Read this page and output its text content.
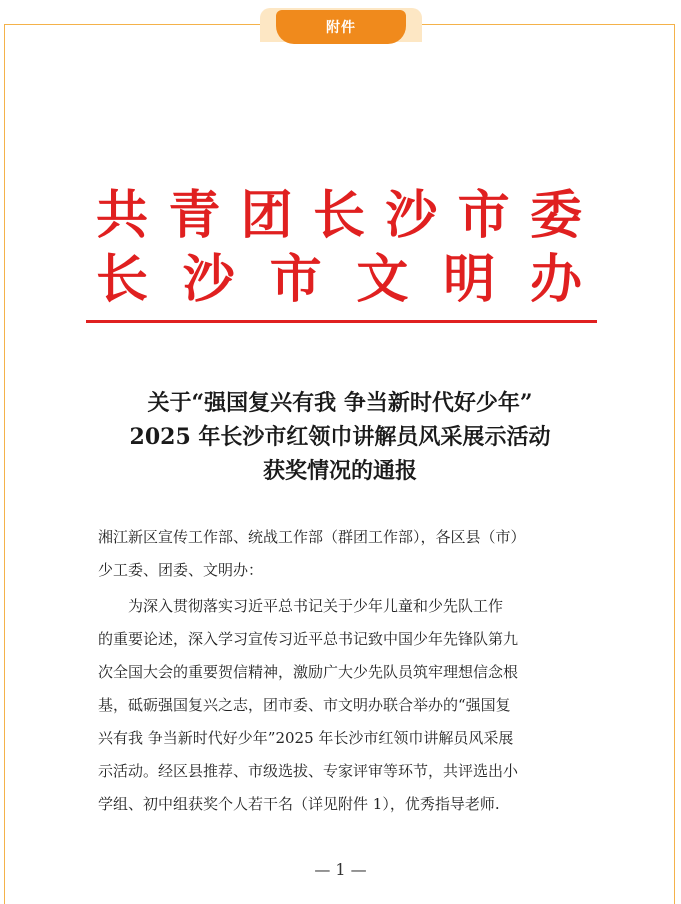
附件
共 青 团 长 沙 市 委
长 沙 市 文 明 办
关于“强国复兴有我 争当新时代好少年”
2025 年长沙市红领巾讲解员风采展示活动
获奖情况的通报
湘江新区宣传工作部、统战工作部（群团工作部），各区县（市）
少工委、团委、文明办：
　　为深入贯彻落实习近平总书记关于少年儿童和少先队工作
的重要论述，深入学习宣传习近平总书记致中国少年先锋队第九
次全国大会的重要贺信精神，激励广大少先队员筑牢理想信念根
基，砥砺强国复兴之志，团市委、市文明办联合举办的“强国复
兴有我 争当新时代好少年”2025 年长沙市红领巾讲解员风采展
示活动。经区县推荐、市级选拔、专家评审等环节，共评选出小
学组、初中组获奖个人若干名（详见附件 1），优秀指导老师.
— 1 —
